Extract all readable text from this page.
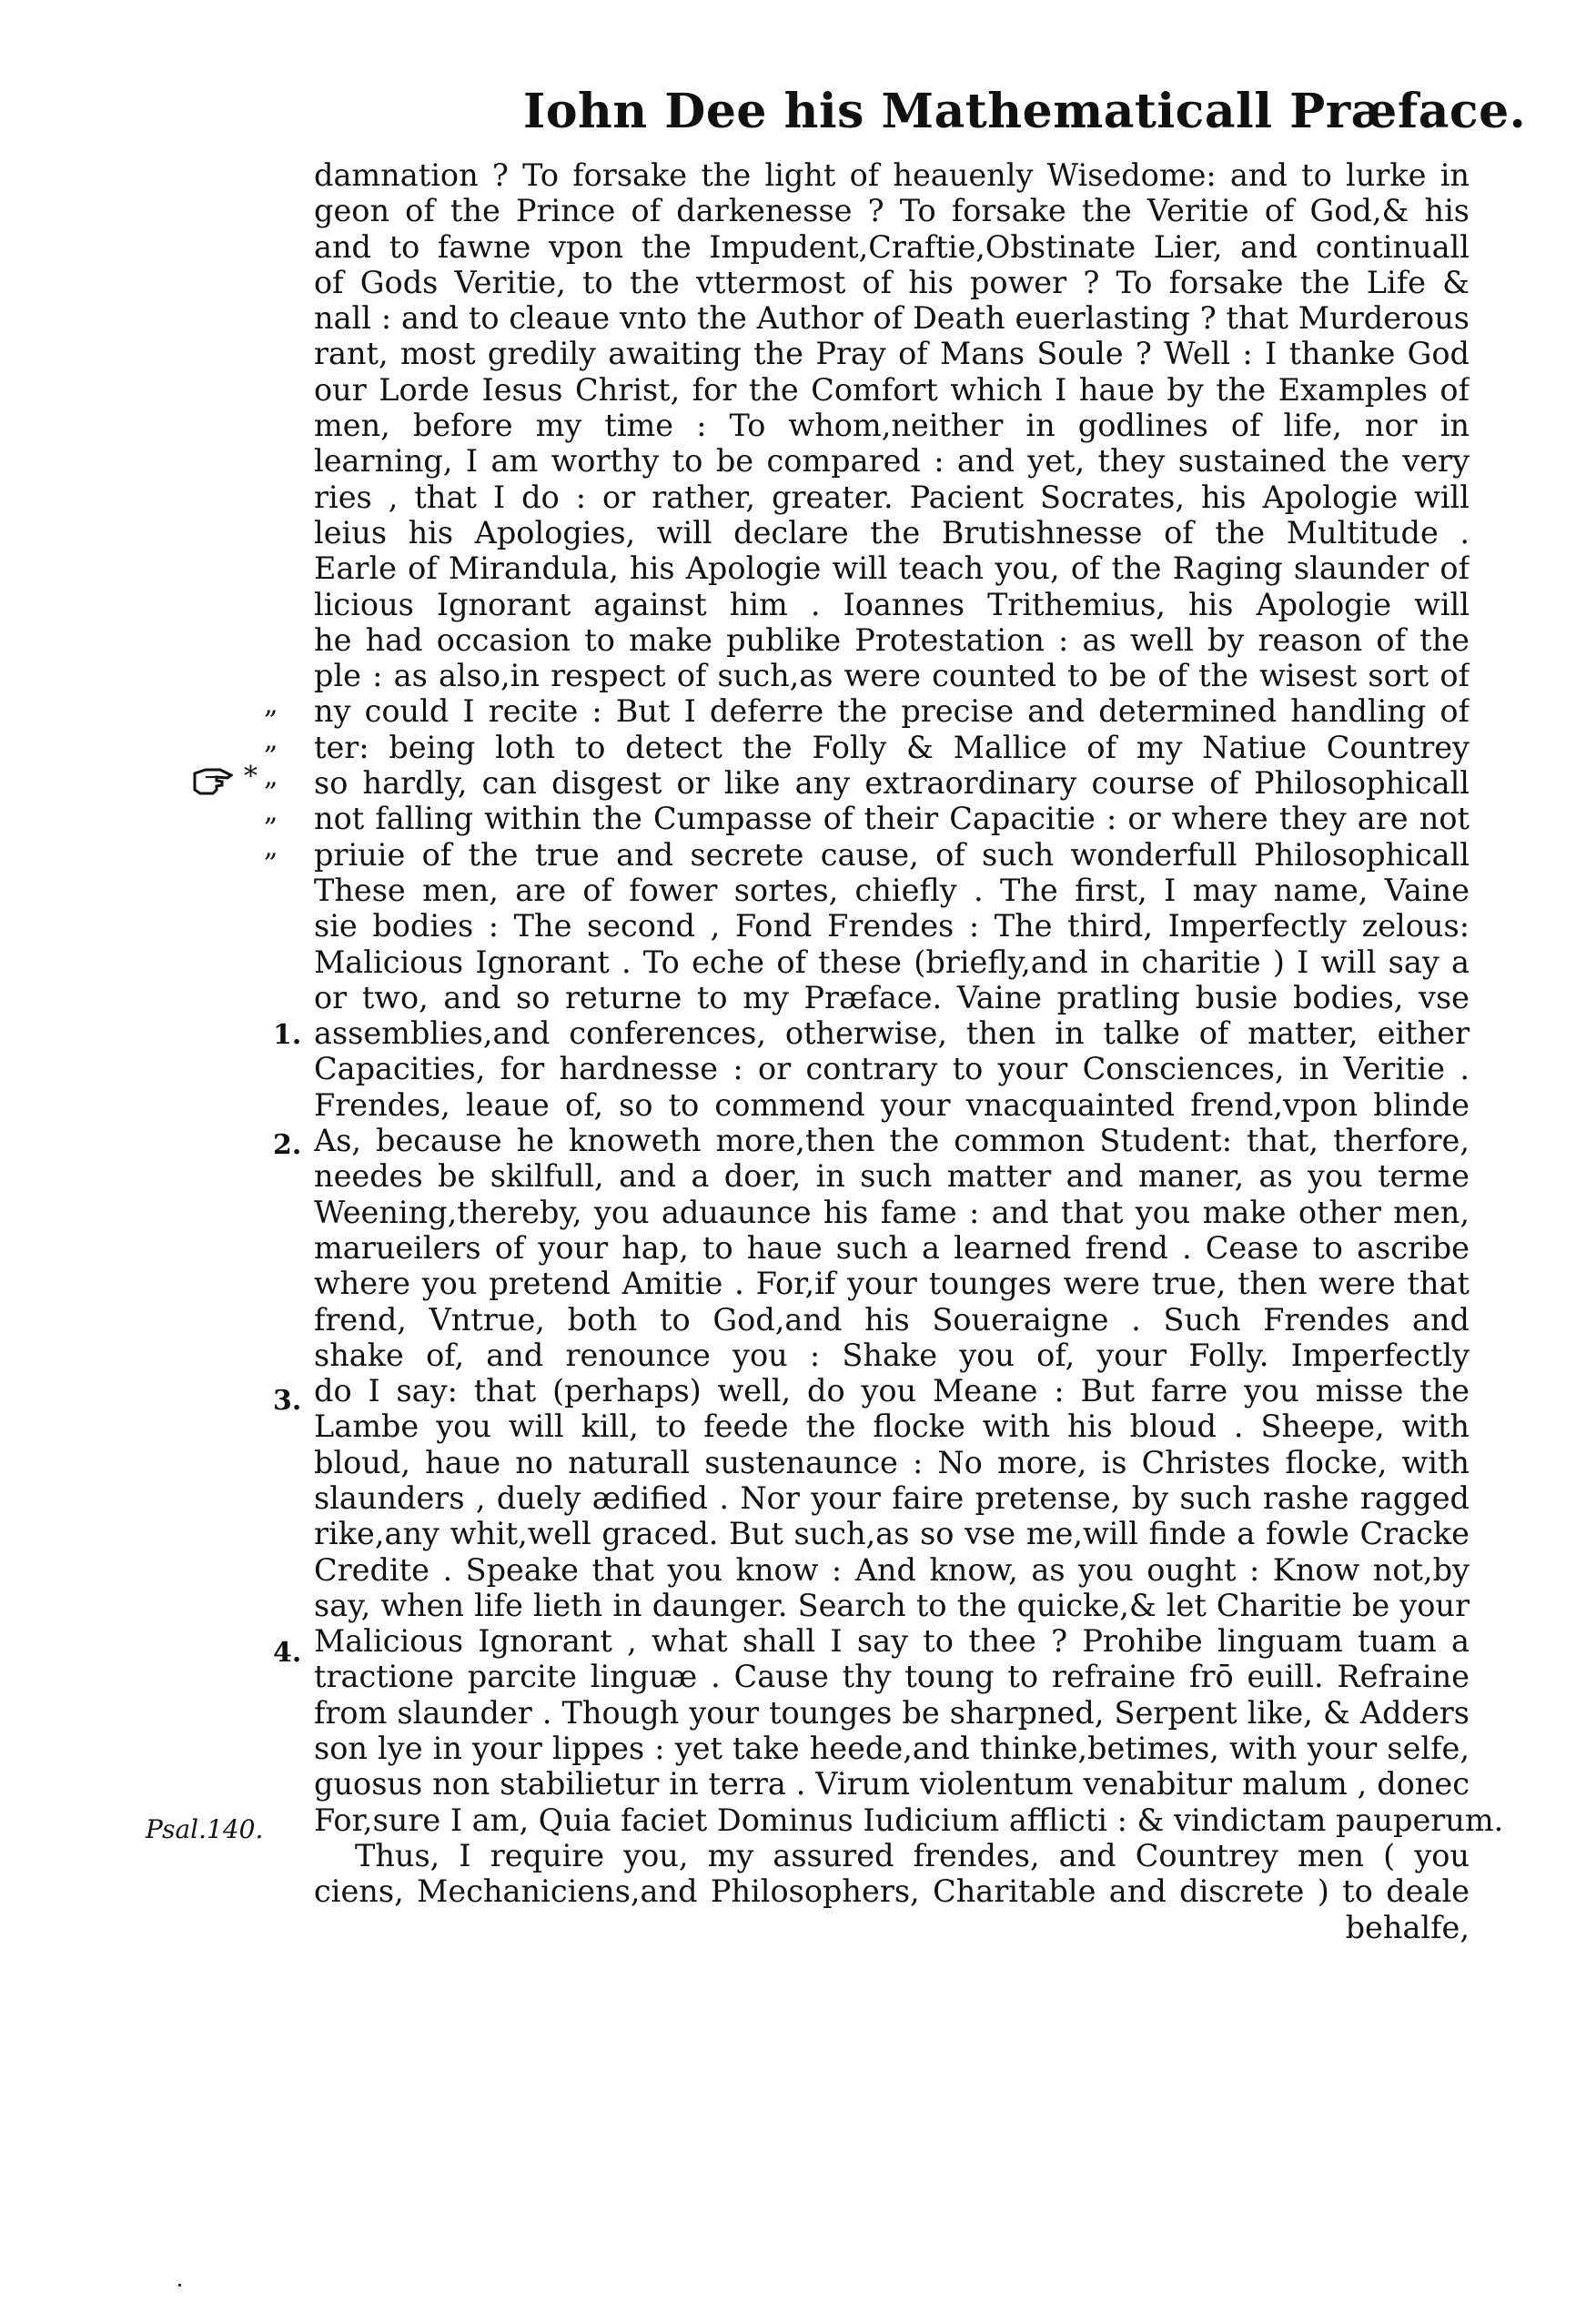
Iohn Dee his Mathematicall Præface.
*
„
„
„
„
„
1.
2.
3.
4.
Psal.140.
damnation ? To forsake the light of heauenly Wisedome: and to lurke in
geon of the Prince of darkenesse ? To forsake the Veritie of God,& his
and to fawne vpon the Impudent,Craftie,Obstinate Lier, and continuall
of Gods Veritie, to the vttermost of his power ? To forsake the Life &
nall : and to cleaue vnto the Author of Death euerlasting ? that Murderous
rant, most gredily awaiting the Pray of Mans Soule ? Well : I thanke God
our Lorde Iesus Christ, for the Comfort which I haue by the Examples of
men, before my time : To whom,neither in godlines of life, nor in
learning, I am worthy to be compared : and yet, they sustained the very
ries , that I do : or rather, greater. Pacient Socrates, his Apologie will
leius his Apologies, will declare the Brutishnesse of the Multitude .
Earle of Mirandula, his Apologie will teach you, of the Raging slaunder of
licious Ignorant against him . Ioannes Trithemius, his Apologie will
he had occasion to make publike Protestation : as well by reason of the
ple : as also,in respect of such,as were counted to be of the wisest sort of
ny could I recite : But I deferre the precise and determined handling of
ter: being loth to detect the Folly & Mallice of my Natiue Countrey
so hardly, can disgest or like any extraordinary course of Philosophicall
not falling within the Cumpasse of their Capacitie : or where they are not
priuie of the true and secrete cause, of such wonderfull Philosophicall
These men, are of fower sortes, chiefly . The first, I may name, Vaine
sie bodies : The second , Fond Frendes : The third, Imperfectly zelous:
Malicious Ignorant . To eche of these (briefly,and in charitie ) I will say a
or two, and so returne to my Præface. Vaine pratling busie bodies, vse
assemblies,and conferences, otherwise, then in talke of matter, either
Capacities, for hardnesse : or contrary to your Consciences, in Veritie .
Frendes, leaue of, so to commend your vnacquainted frend,vpon blinde
As, because he knoweth more,then the common Student: that, therfore,
needes be skilfull, and a doer, in such matter and maner, as you terme
Weening,thereby, you aduaunce his fame : and that you make other men,
marueilers of your hap, to haue such a learned frend . Cease to ascribe
where you pretend Amitie . For,if your tounges were true, then were that
frend, Vntrue, both to God,and his Soueraigne . Such Frendes and
shake of, and renounce you : Shake you of, your Folly. Imperfectly
do I say: that (perhaps) well, do you Meane : But farre you misse the
Lambe you will kill, to feede the flocke with his bloud . Sheepe, with
bloud, haue no naturall sustenaunce : No more, is Christes flocke, with
slaunders , duely ædified . Nor your faire pretense, by such rashe ragged
rike,any whit,well graced. But such,as so vse me,will finde a fowle Cracke
Credite . Speake that you know : And know, as you ought : Know not,by
say, when life lieth in daunger. Search to the quicke,& let Charitie be your
Malicious Ignorant , what shall I say to thee ? Prohibe linguam tuam a
tractione parcite linguæ . Cause thy toung to refraine frō euill. Refraine
from slaunder . Though your tounges be sharpned, Serpent like, & Adders
son lye in your lippes : yet take heede,and thinke,betimes, with your selfe,
guosus non stabilietur in terra . Virum violentum venabitur malum , donec
For,sure I am, Quia faciet Dominus Iudicium afflicti : & vindictam pauperum.
Thus, I require you, my assured frendes, and Countrey men ( you
ciens, Mechaniciens,and Philosophers, Charitable and discrete ) to deale
behalfe,
